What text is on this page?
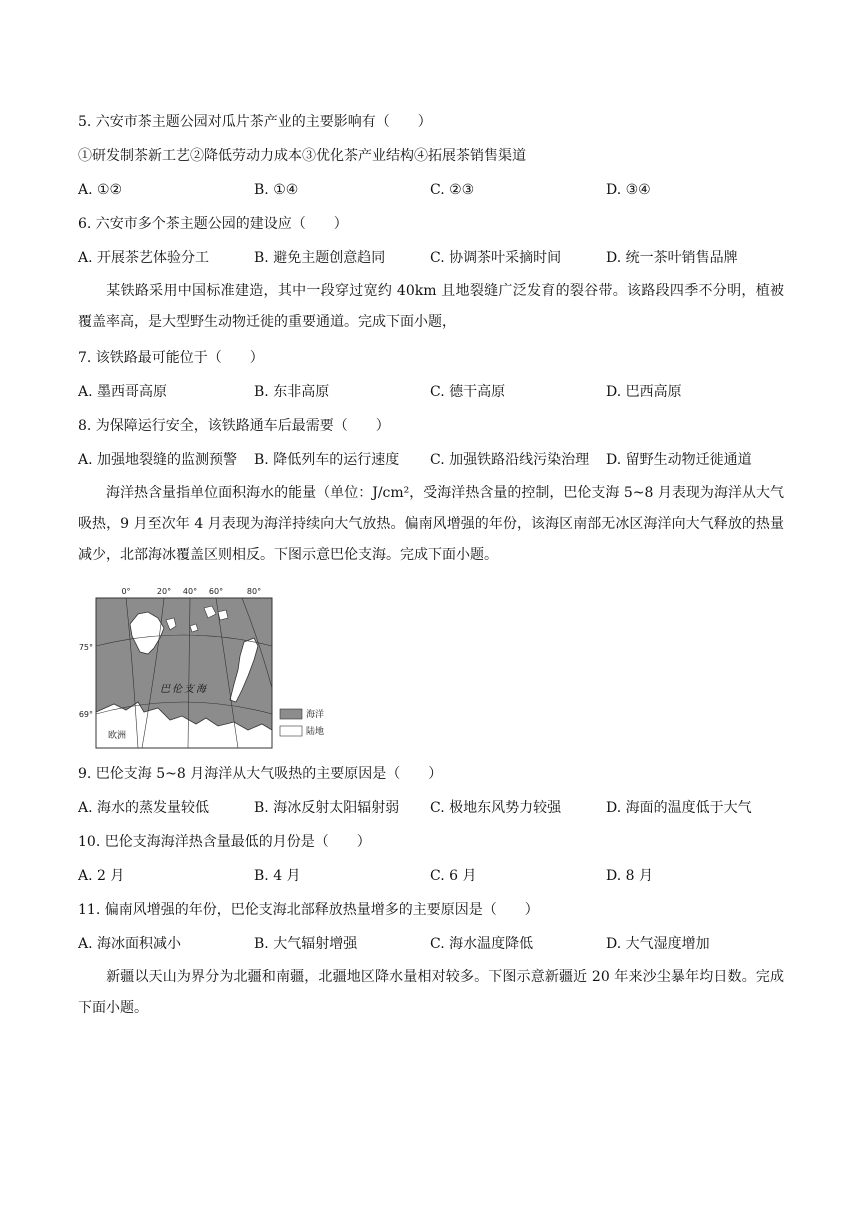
5. 六安市茶主题公园对瓜片茶产业的主要影响有（　　）
①研发制茶新工艺②降低劳动力成本③优化茶产业结构④拓展茶销售渠道
A. ①②	B. ①④	C. ②③	D. ③④
6. 六安市多个茶主题公园的建设应（　　）
A. 开展茶艺体验分工	B. 避免主题创意趋同	C. 协调茶叶采摘时间	D. 统一茶叶销售品牌
某铁路采用中国标准建造，其中一段穿过宽约 40km 且地裂缝广泛发育的裂谷带。该路段四季不分明，植被覆盖率高，是大型野生动物迁徙的重要通道。完成下面小题，
7. 该铁路最可能位于（　　）
A. 墨西哥高原	B. 东非高原	C. 德干高原	D. 巴西高原
8. 为保障运行安全，该铁路通车后最需要（　　）
A. 加强地裂缝的监测预警 B. 降低列车的运行速度 C. 加强铁路沿线污染治理 D. 留野生动物迁徙通道
海洋热含量指单位面积海水的能量（单位：J/cm²，受海洋热含量的控制，巴伦支海 5~8 月表现为海洋从大气吸热，9 月至次年 4 月表现为海洋持续向大气放热。偏南风增强的年份，该海区南部无冰区海洋向大气释放的热量减少，北部海冰覆盖区则相反。下图示意巴伦支海。完成下面小题。
0°	20° 40° 60°	80°
75°
69°
巴伦支海
欧洲
海洋
陆地
9. 巴伦支海 5~8 月海洋从大气吸热的主要原因是（　　）
A. 海水的蒸发量较低	B. 海冰反射太阳辐射弱 C. 极地东风势力较强	D. 海面的温度低于大气
10. 巴伦支海海洋热含量最低的月份是（　　）
A. 2 月	B. 4 月	C. 6 月	D. 8 月
11. 偏南风增强的年份，巴伦支海北部释放热量增多的主要原因是（　　）
A. 海冰面积减小	B. 大气辐射增强	C. 海水温度降低	D. 大气湿度增加
新疆以天山为界分为北疆和南疆，北疆地区降水量相对较多。下图示意新疆近 20 年来沙尘暴年均日数。完成下面小题。
